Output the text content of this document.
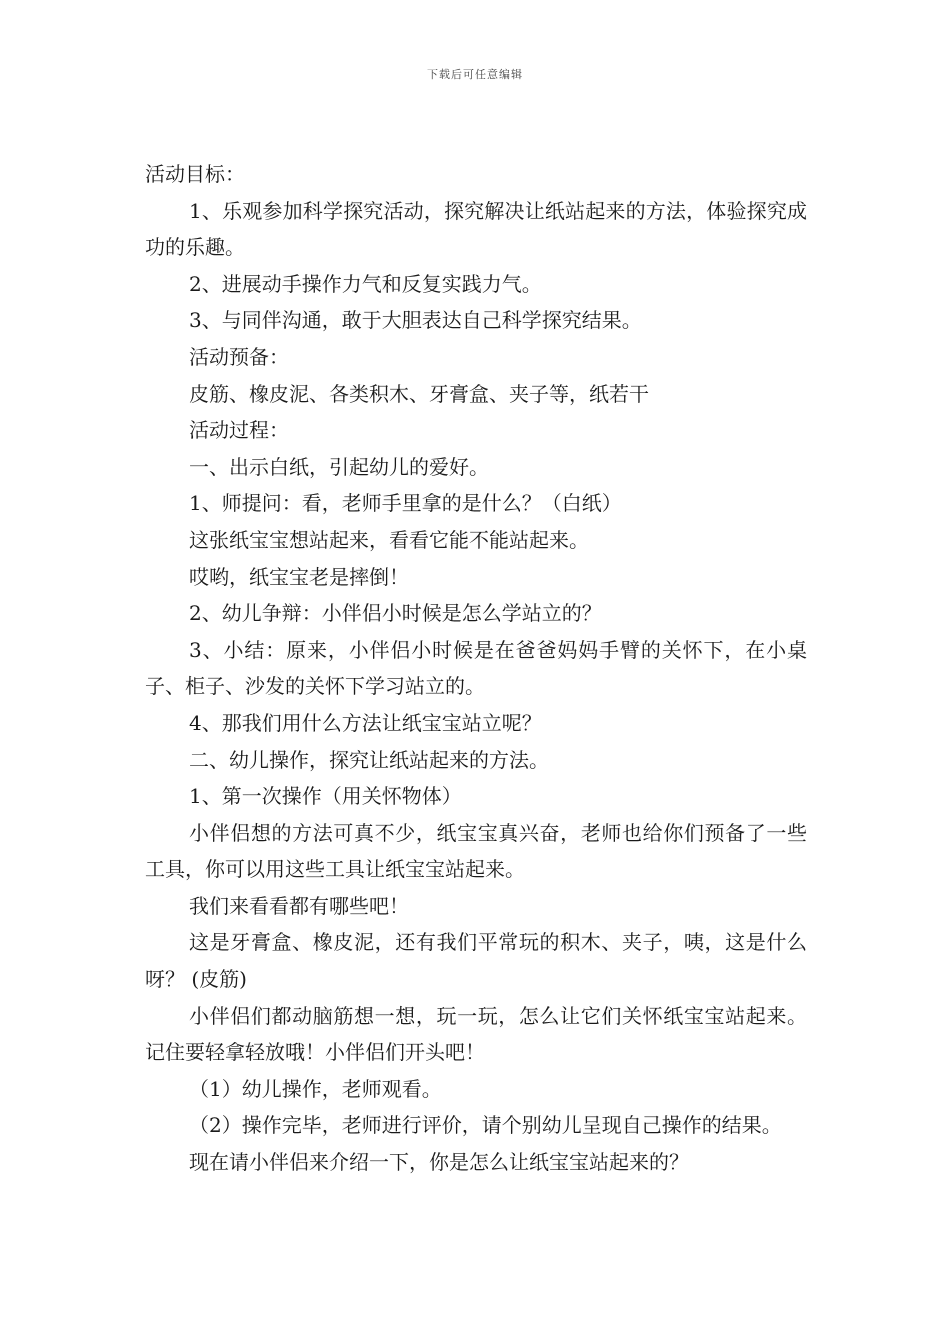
下载后可任意编辑

活动目标：

1、乐观参加科学探究活动，探究解决让纸站起来的方法，体验探究成功的乐趣。

2、进展动手操作力气和反复实践力气。

3、与同伴沟通，敢于大胆表达自己科学探究结果。

活动预备：

皮筋、橡皮泥、各类积木、牙膏盒、夹子等，纸若干

活动过程：

一、出示白纸，引起幼儿的爱好。

1、师提问：看，老师手里拿的是什么？（白纸）

这张纸宝宝想站起来，看看它能不能站起来。

哎哟，纸宝宝老是摔倒！

2、幼儿争辩：小伴侣小时候是怎么学站立的？

3、小结：原来，小伴侣小时候是在爸爸妈妈手臂的关怀下，在小桌子、柜子、沙发的关怀下学习站立的。

4、那我们用什么方法让纸宝宝站立呢？

二、幼儿操作，探究让纸站起来的方法。

1、第一次操作（用关怀物体）

小伴侣想的方法可真不少，纸宝宝真兴奋，老师也给你们预备了一些工具，你可以用这些工具让纸宝宝站起来。

我们来看看都有哪些吧！

这是牙膏盒、橡皮泥，还有我们平常玩的积木、夹子，咦，这是什么呀？ (皮筋)

小伴侣们都动脑筋想一想，玩一玩，怎么让它们关怀纸宝宝站起来。记住要轻拿轻放哦！小伴侣们开头吧！

（1）幼儿操作，老师观看。

（2）操作完毕，老师进行评价，请个别幼儿呈现自己操作的结果。

现在请小伴侣来介绍一下，你是怎么让纸宝宝站起来的？
